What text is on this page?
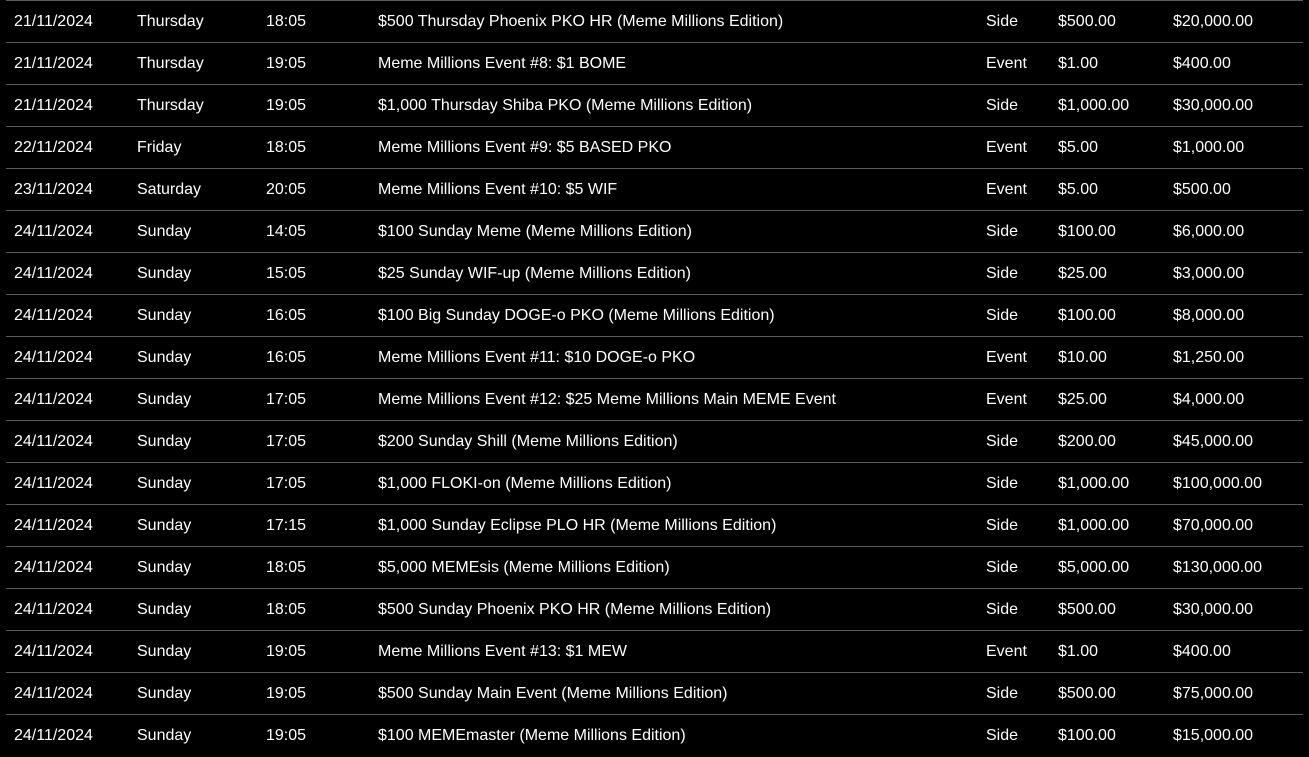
21/11/2024	Thursday	18:05	$500 Thursday Phoenix PKO HR (Meme Millions Edition)	Side $500.00	$20,000.00
21/11/2024	Thursday	19:05	Meme Millions Event #8: $1 BOME	Event $1.00	$400.00
21/11/2024	Thursday	19:05	$1,000 Thursday Shiba PKO (Meme Millions Edition)	Side $1,000.00	$30,000.00
22/11/2024	Friday	18:05	Meme Millions Event #9: $5 BASED PKO	Event $5.00	$1,000.00
23/11/2024	Saturday	20:05	Meme Millions Event #10: $5 WIF	Event $5.00	$500.00
24/11/2024	Sunday	14:05	$100 Sunday Meme (Meme Millions Edition)	Side $100.00	$6,000.00
24/11/2024	Sunday	15:05	$25 Sunday WIF-up (Meme Millions Edition)	Side $25.00	$3,000.00
24/11/2024	Sunday	16:05	$100 Big Sunday DOGE-o PKO (Meme Millions Edition)	Side $100.00	$8,000.00
24/11/2024	Sunday	16:05	Meme Millions Event #11: $10 DOGE-o PKO	Event $10.00	$1,250.00
24/11/2024	Sunday	17:05	Meme Millions Event #12: $25 Meme Millions Main MEME Event	Event $25.00	$4,000.00
24/11/2024	Sunday	17:05	$200 Sunday Shill (Meme Millions Edition)	Side $200.00	$45,000.00
24/11/2024	Sunday	17:05	$1,000 FLOKI-on (Meme Millions Edition)	Side $1,000.00	$100,000.00
24/11/2024	Sunday	17:15	$1,000 Sunday Eclipse PLO HR (Meme Millions Edition)	Side $1,000.00	$70,000.00
24/11/2024	Sunday	18:05	$5,000 MEMEsis (Meme Millions Edition)	Side $5,000.00	$130,000.00
24/11/2024	Sunday	18:05	$500 Sunday Phoenix PKO HR (Meme Millions Edition)	Side $500.00	$30,000.00
24/11/2024	Sunday	19:05	Meme Millions Event #13: $1 MEW	Event $1.00	$400.00
24/11/2024	Sunday	19:05	$500 Sunday Main Event (Meme Millions Edition)	Side $500.00	$75,000.00
24/11/2024	Sunday	19:05	$100 MEMEmaster (Meme Millions Edition)	Side $100.00	$15,000.00
